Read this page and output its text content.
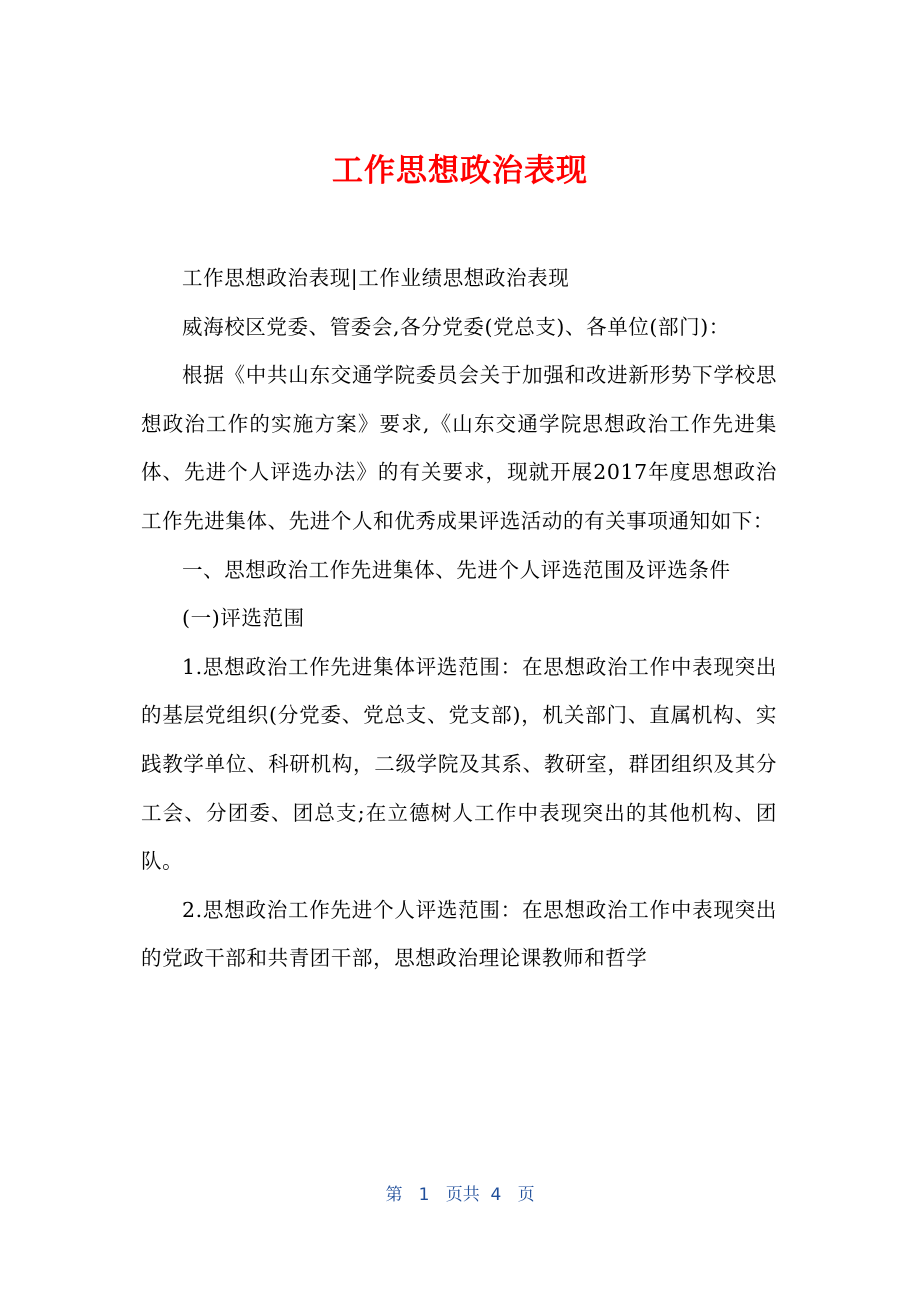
工作思想政治表现

工作思想政治表现|工作业绩思想政治表现

威海校区党委、管委会,各分党委(党总支)、各单位(部门)：

根据《中共山东交通学院委员会关于加强和改进新形势下学校思想政治工作的实施方案》要求,《山东交通学院思想政治工作先进集体、先进个人评选办法》的有关要求，现就开展2017年度思想政治工作先进集体、先进个人和优秀成果评选活动的有关事项通知如下：

一、思想政治工作先进集体、先进个人评选范围及评选条件

(一)评选范围

1.思想政治工作先进集体评选范围：在思想政治工作中表现突出的基层党组织(分党委、党总支、党支部)，机关部门、直属机构、实践教学单位、科研机构，二级学院及其系、教研室，群团组织及其分工会、分团委、团总支;在立德树人工作中表现突出的其他机构、团队。

2.思想政治工作先进个人评选范围：在思想政治工作中表现突出的党政干部和共青团干部，思想政治理论课教师和哲学

第 1 页共 4 页
